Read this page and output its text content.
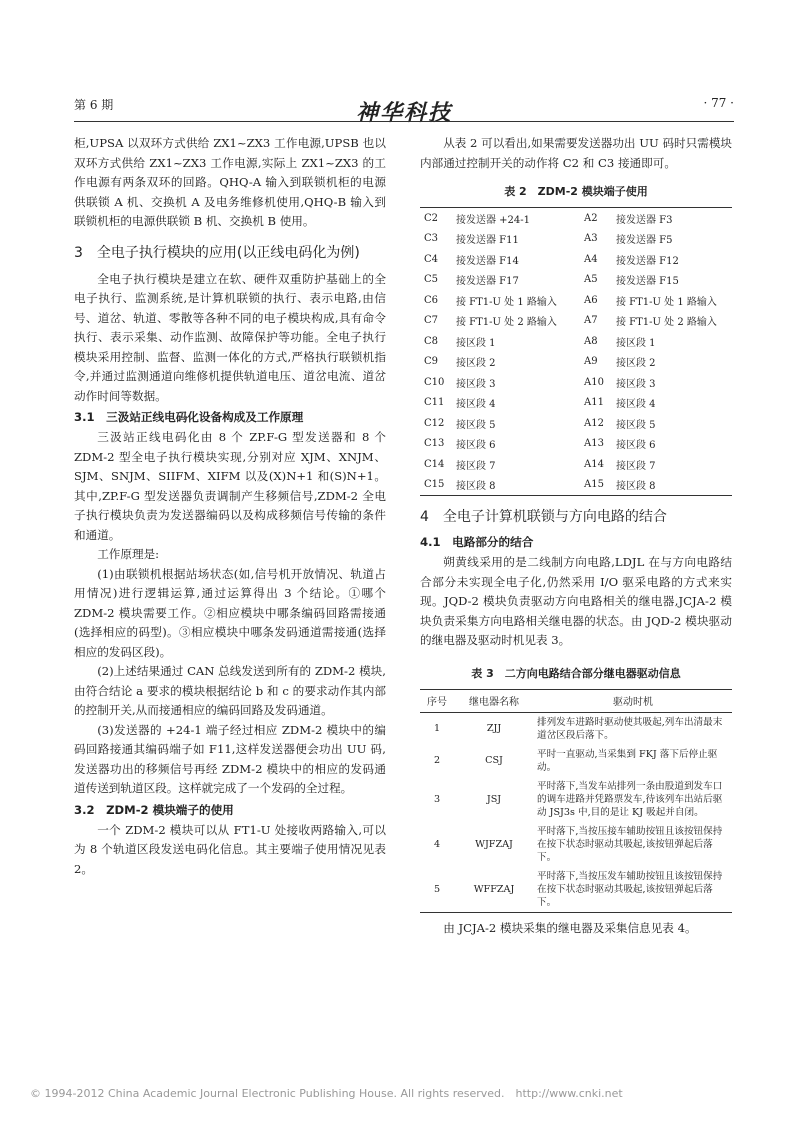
第 6 期	神华科技	· 77 ·

柜,UPSA 以双环方式供给 ZX1~ZX3 工作电源,UPSB 也以双环方式供给 ZX1~ZX3 工作电源,实际上 ZX1~ZX3 的工作电源有两条双环的回路。QHQ-A 输入到联锁机柜的电源供联锁 A 机、交换机 A 及电务维修机使用,QHQ-B 输入到联锁机柜的电源供联锁 B 机、交换机 B 使用。

3　全电子执行模块的应用(以正线电码化为例)

全电子执行模块是建立在软、硬件双重防护基础上的全电子执行、监测系统,是计算机联锁的执行、表示电路,由信号、道岔、轨道、零散等各种不同的电子模块构成,具有命令执行、表示采集、动作监测、故障保护等功能。全电子执行模块采用控制、监督、监测一体化的方式,严格执行联锁机指令,并通过监测通道向维修机提供轨道电压、道岔电流、道岔动作时间等数据。

3.1　三汲站正线电码化设备构成及工作原理

三汲站正线电码化由 8 个 ZP.F-G 型发送器和 8 个 ZDM-2 型全电子执行模块实现,分别对应 XJM、XNJM、SJM、SNJM、SIIFM、XIFM 以及(X)N+1 和(S)N+1。其中,ZP.F-G 型发送器负责调制产生移频信号,ZDM-2 全电子执行模块负责为发送器编码以及构成移频信号传输的条件和通道。

工作原理是:

(1)由联锁机根据站场状态(如,信号机开放情况、轨道占用情况)进行逻辑运算,通过运算得出 3 个结论。①哪个 ZDM-2 模块需要工作。②相应模块中哪条编码回路需接通(选择相应的码型)。③相应模块中哪条发码通道需接通(选择相应的发码区段)。

(2)上述结果通过 CAN 总线发送到所有的 ZDM-2 模块,由符合结论 a 要求的模块根据结论 b 和 c 的要求动作其内部的控制开关,从而接通相应的编码回路及发码通道。

(3)发送器的 +24-1 端子经过相应 ZDM-2 模块中的编码回路接通其编码端子如 F11,这样发送器便会功出 UU 码,发送器功出的移频信号再经 ZDM-2 模块中的相应的发码通道传送到轨道区段。这样就完成了一个发码的全过程。

3.2　ZDM-2 模块端子的使用

一个 ZDM-2 模块可以从 FT1-U 处接收两路输入,可以为 8 个轨道区段发送电码化信息。其主要端子使用情况见表 2。

从表 2 可以看出,如果需要发送器功出 UU 码时只需模块内部通过控制开关的动作将 C2 和 C3 接通即可。

表 2　ZDM-2 模块端子使用
C2	接发送器 +24-1	A2	接发送器 F3
C3	接发送器 F11	A3	接发送器 F5
C4	接发送器 F14	A4	接发送器 F12
C5	接发送器 F17	A5	接发送器 F15
C6	接 FT1-U 处 1 路输入	A6	接 FT1-U 处 1 路输入
C7	接 FT1-U 处 2 路输入	A7	接 FT1-U 处 2 路输入
C8	接区段 1	A8	接区段 1
C9	接区段 2	A9	接区段 2
C10	接区段 3	A10	接区段 3
C11	接区段 4	A11	接区段 4
C12	接区段 5	A12	接区段 5
C13	接区段 6	A13	接区段 6
C14	接区段 7	A14	接区段 7
C15	接区段 8	A15	接区段 8
4　全电子计算机联锁与方向电路的结合
4.1　电路部分的结合

朔黄线采用的是二线制方向电路,LDJL 在与方向电路结合部分未实现全电子化,仍然采用 I/O 驱采电路的方式来实现。JQD-2 模块负责驱动方向电路相关的继电器,JCJA-2 模块负责采集方向电路相关继电器的状态。由 JQD-2 模块驱动的继电器及驱动时机见表 3。

表 3　二方向电路结合部分继电器驱动信息
序号	继电器名称	驱动时机
1	ZJJ	排列发车进路时驱动使其吸起,列车出清最末道岔区段后落下。
2	CSJ	平时一直驱动,当采集到 FKJ 落下后停止驱动。
3	JSJ	平时落下,当发车站排列一条由股道到发车口的调车进路并凭路票发车,待该列车出站后驱动 JSJ3s 中,目的是让 KJ 吸起并自闭。
4	WJFZAJ	平时落下,当按压接车辅助按钮且该按钮保持在按下状态时驱动其吸起,该按钮弹起后落下。
5	WFFZAJ	平时落下,当按压发车辅助按钮且该按钮保持在按下状态时驱动其吸起,该按钮弹起后落下。

由 JCJA-2 模块采集的继电器及采集信息见表 4。

© 1994-2012 China Academic Journal Electronic Publishing House. All rights reserved.　http://www.cnki.net
